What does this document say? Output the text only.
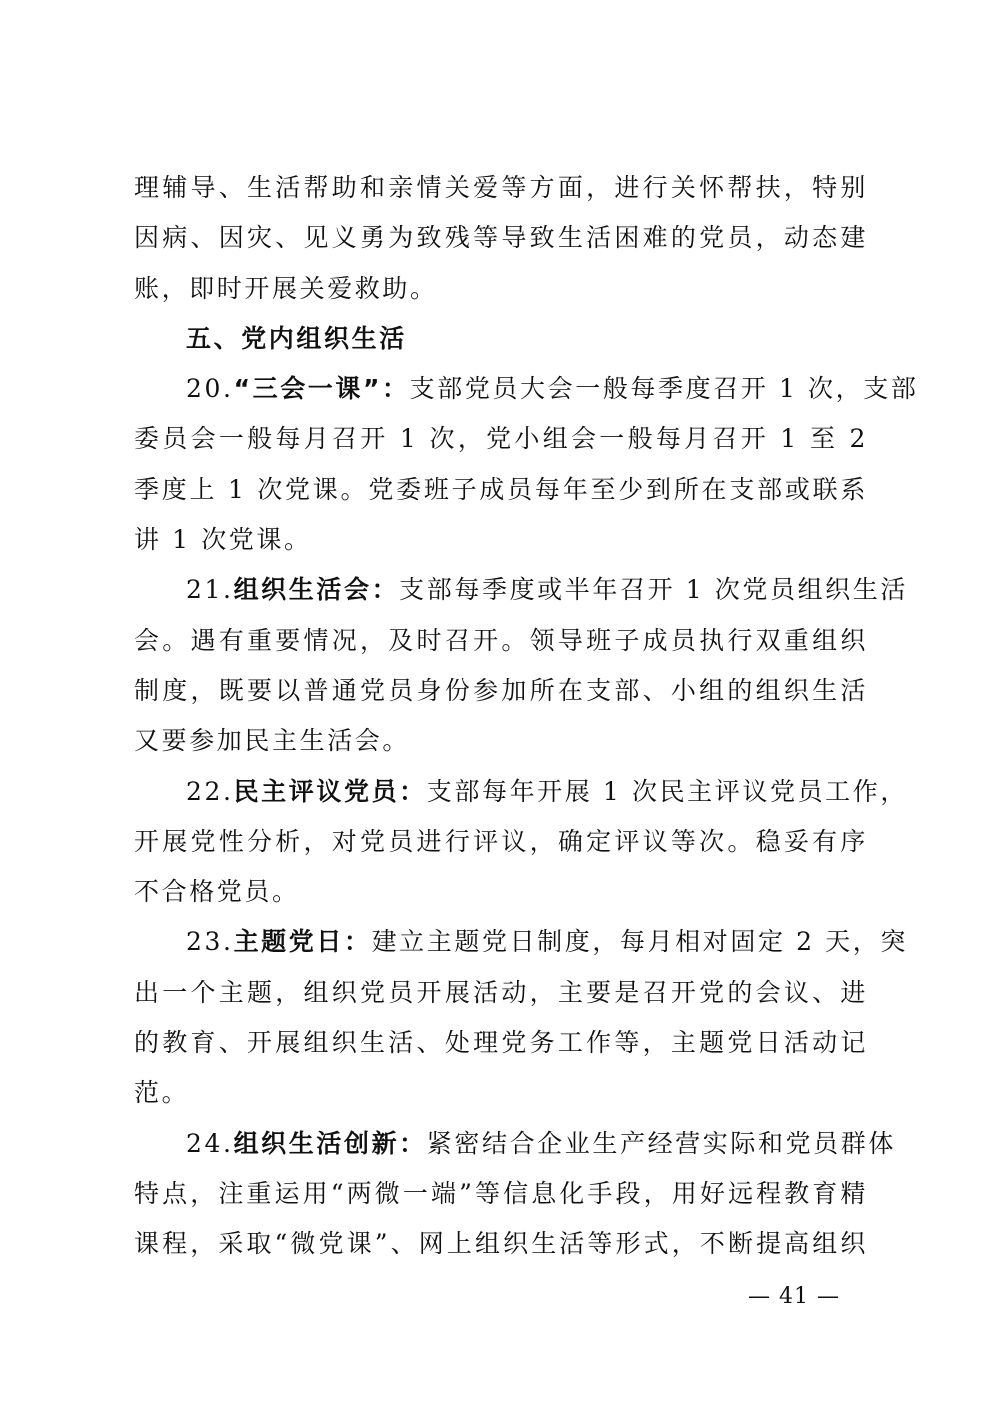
理辅导、生活帮助和亲情关爱等方面，进行关怀帮扶，特别
因病、因灾、见义勇为致残等导致生活困难的党员，动态建
账，即时开展关爱救助。
五、党内组织生活
20.“三会一课”：支部党员大会一般每季度召开 1 次，支部
委员会一般每月召开 1 次，党小组会一般每月召开 1 至 2
季度上 1 次党课。党委班子成员每年至少到所在支部或联系
讲 1 次党课。
21.组织生活会：支部每季度或半年召开 1 次党员组织生活
会。遇有重要情况，及时召开。领导班子成员执行双重组织
制度，既要以普通党员身份参加所在支部、小组的组织生活
又要参加民主生活会。
22.民主评议党员：支部每年开展 1 次民主评议党员工作，
开展党性分析，对党员进行评议，确定评议等次。稳妥有序
不合格党员。
23.主题党日：建立主题党日制度，每月相对固定 2 天，突
出一个主题，组织党员开展活动，主要是召开党的会议、进
的教育、开展组织生活、处理党务工作等，主题党日活动记
范。
24.组织生活创新：紧密结合企业生产经营实际和党员群体
特点，注重运用“两微一端”等信息化手段，用好远程教育精
课程，采取“微党课”、网上组织生活等形式，不断提高组织
— 41 —
